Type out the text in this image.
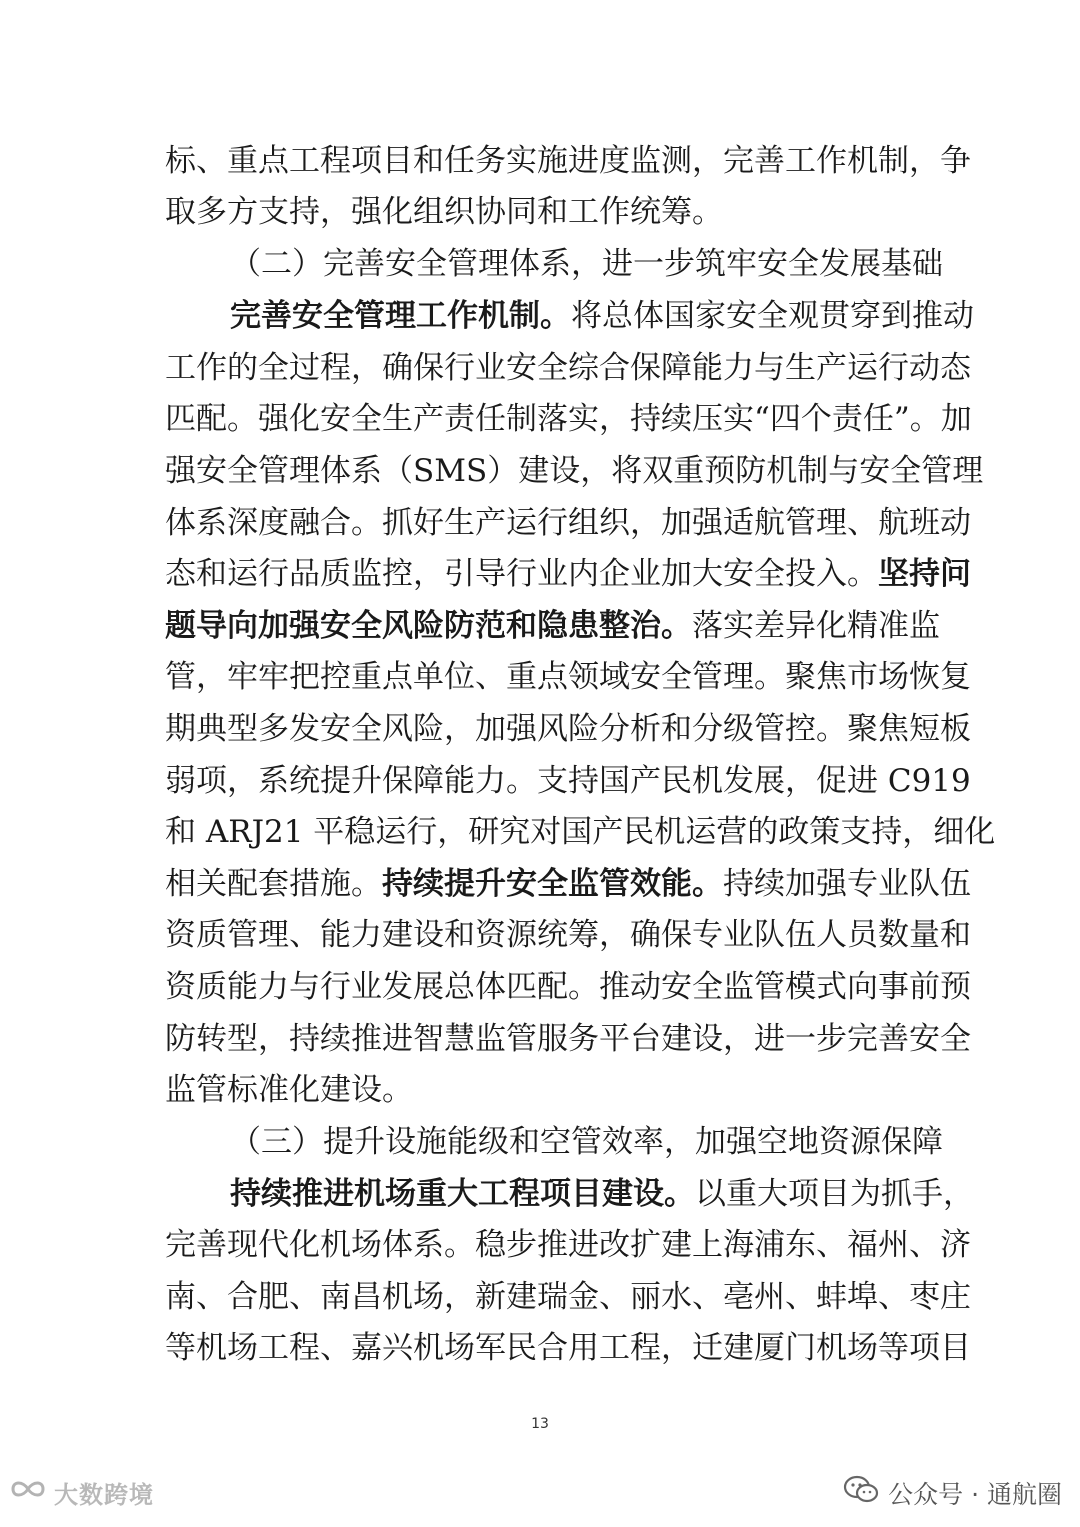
标、重点工程项目和任务实施进度监测，完善工作机制，争
取多方支持，强化组织协同和工作统筹。
（二）完善安全管理体系，进一步筑牢安全发展基础
完善安全管理工作机制。将总体国家安全观贯穿到推动
工作的全过程，确保行业安全综合保障能力与生产运行动态
匹配。强化安全生产责任制落实，持续压实“四个责任”。加
强安全管理体系（SMS）建设，将双重预防机制与安全管理
体系深度融合。抓好生产运行组织，加强适航管理、航班动
态和运行品质监控，引导行业内企业加大安全投入。坚持问
题导向加强安全风险防范和隐患整治。落实差异化精准监
管，牢牢把控重点单位、重点领域安全管理。聚焦市场恢复
期典型多发安全风险，加强风险分析和分级管控。聚焦短板
弱项，系统提升保障能力。支持国产民机发展，促进 C919
和 ARJ21 平稳运行，研究对国产民机运营的政策支持，细化
相关配套措施。持续提升安全监管效能。持续加强专业队伍
资质管理、能力建设和资源统筹，确保专业队伍人员数量和
资质能力与行业发展总体匹配。推动安全监管模式向事前预
防转型，持续推进智慧监管服务平台建设，进一步完善安全
监管标准化建设。
（三）提升设施能级和空管效率，加强空地资源保障
持续推进机场重大工程项目建设。以重大项目为抓手，
完善现代化机场体系。稳步推进改扩建上海浦东、福州、济
南、合肥、南昌机场，新建瑞金、丽水、亳州、蚌埠、枣庄
等机场工程、嘉兴机场军民合用工程，迁建厦门机场等项目
13
大数跨境	公众号 · 通航圈
